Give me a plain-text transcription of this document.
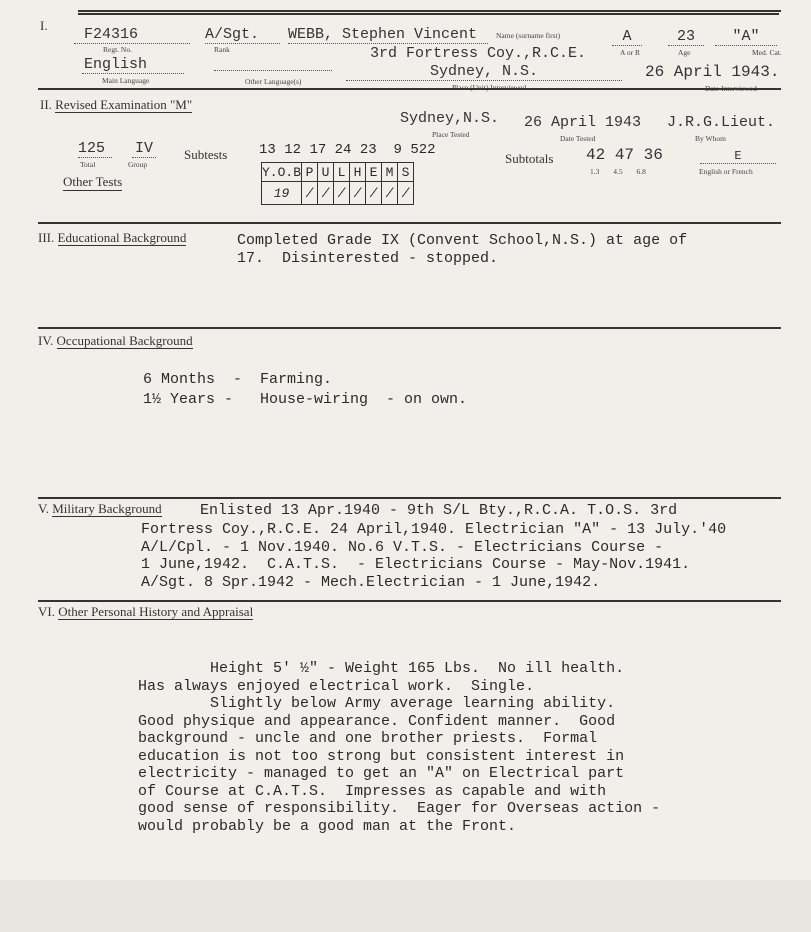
I.
F24316
Regt. No.
A/Sgt.
Rank
WEBB, Stephen Vincent	Name (surname first)
3rd Fortress Coy.,R.C.E.
A
A or R
23
Age
"A"
Med. Cat.
English
Main Language	Other Language(s)
Sydney, N.S.	26 April 1943.
II. Revised Examination "M"
Sydney,N.S.
Place Tested
26 April 1943
Date Tested
J.R.G.Lieut.
By Whom
125
Total
IV
Group
Subtests 13 12 17 24 23 9 522
Y.O.B	P	U	L	H	E	M	S
19	/	/	/	/	/	/	/
Subtotals 42 47 36
1.3 4.5 6.8
E
English or French
Other Tests
III. Educational Background	Completed Grade IX (Convent School,N.S.) at age of
17.  Disinterested - stopped.
IV. Occupational Background
6 Months  -  Farming.
1½ Years -   House-wiring  - on own.
V. Military Background	Enlisted 13 Apr.1940 - 9th S/L Bty.,R.C.A. T.O.S. 3rd
Fortress Coy.,R.C.E. 24 April,1940. Electrician "A" - 13 July.'40
A/L/Cpl. - 1 Nov.1940. No.6 V.T.S. - Electricians Course -
1 June,1942.  C.A.T.S.  - Electricians Course - May-Nov.1941.
A/Sgt. 8 Spr.1942 - Mech.Electrician - 1 June,1942.
VI. Other Personal History and Appraisal
Height 5' ½" - Weight 165 Lbs.  No ill health.
Has always enjoyed electrical work.  Single.
Slightly below Army average learning ability.
Good physique and appearance. Confident manner.  Good
background - uncle and one brother priests.  Formal
education is not too strong but consistent interest in
electricity - managed to get an "A" on Electrical part
of Course at C.A.T.S.  Impresses as capable and with
good sense of responsibility.  Eager for Overseas action -
would probably be a good man at the Front.
